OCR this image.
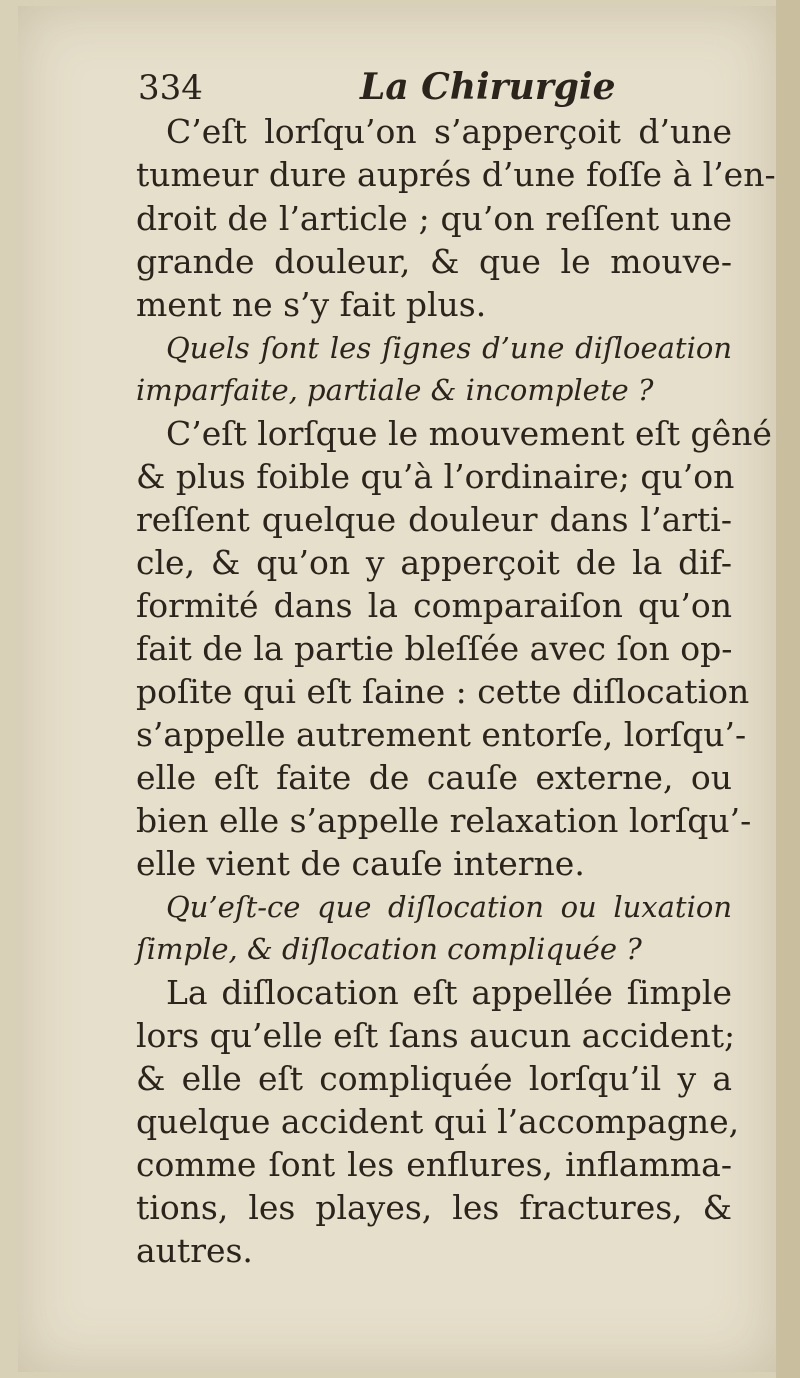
334	La Chirurgie
C’eſt lorſqu’on s’apperçoit d’une
tumeur dure auprés d’une foſſe à l’en-
droit de l’article ; qu’on reſſent une
grande douleur, & que le mouve-
ment ne s’y fait plus.
Quels ſont les ſignes d’une diſloeation
imparfaite, partiale & incomplete ?
C’eſt lorſque le mouvement eſt gêné
& plus foible qu’à l’ordinaire; qu’on
reſſent quelque douleur dans l’arti-
cle, & qu’on y apperçoit de la dif-
formité dans la comparaiſon qu’on
fait de la partie bleſſée avec ſon op-
poſite qui eſt ſaine : cette diſlocation
s’appelle autrement entorſe, lorſqu’-
elle eſt faite de cauſe externe, ou
bien elle s’appelle relaxation lorſqu’-
elle vient de cauſe interne.
Qu’eſt-ce que diſlocation ou luxation
ſimple, & diſlocation compliquée ?
La diſlocation eſt appellée ſimple
lors qu’elle eſt ſans aucun accident;
& elle eſt compliquée lorſqu’il y a
quelque accident qui l’accompagne,
comme ſont les enflures, inflamma-
tions, les playes, les fractures, &
autres.
